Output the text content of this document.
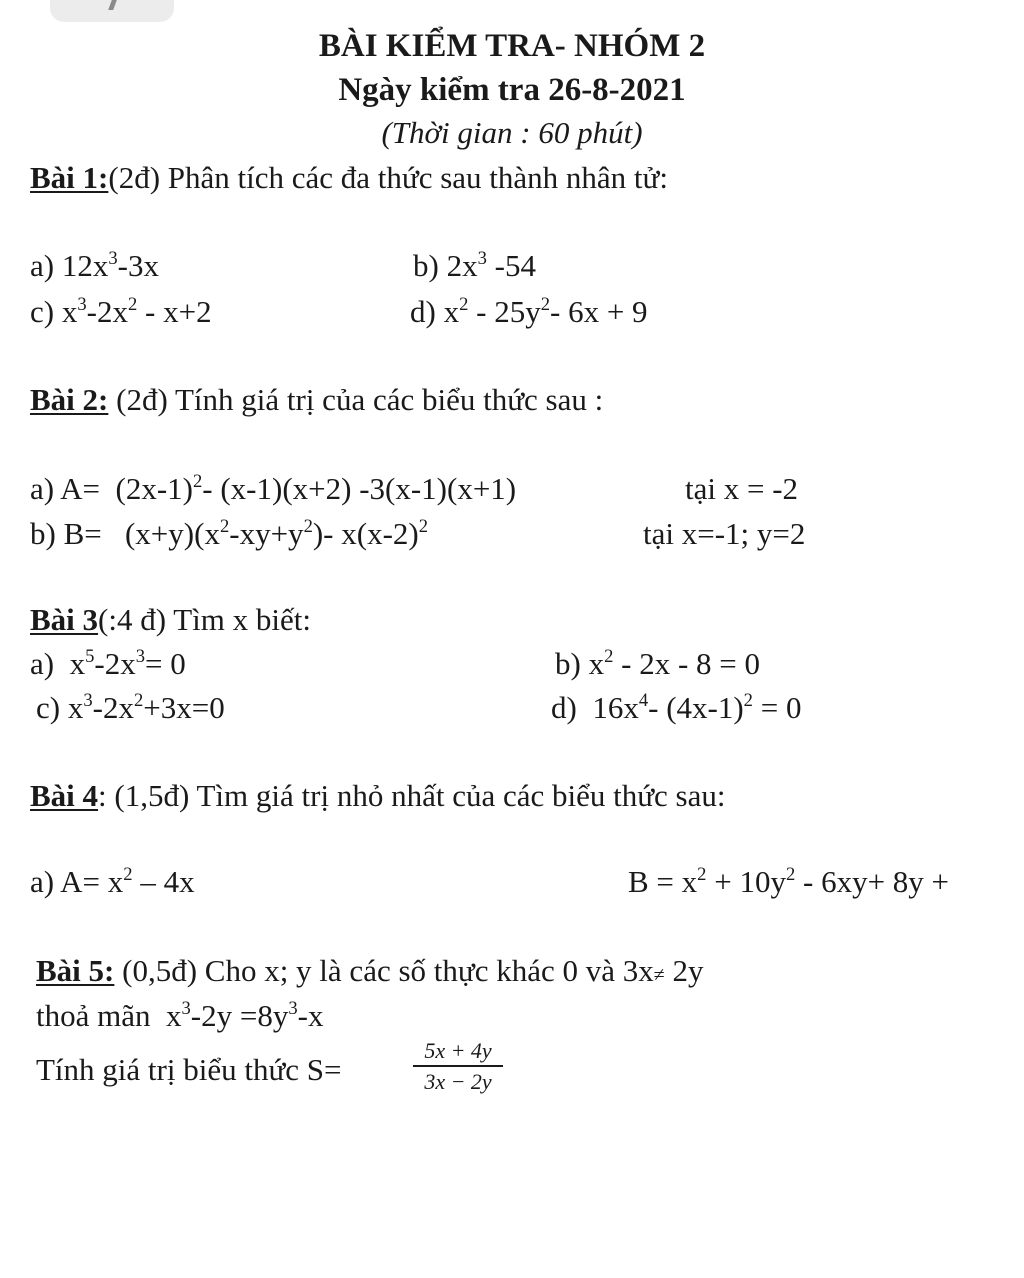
BÀI KIỂM TRA- NHÓM 2
Ngày kiểm tra 26-8-2021
(Thời gian : 60 phút)
Bài 1:(2đ) Phân tích các đa thức sau thành nhân tử:
a) $12x^3-3x$	b) $2x^3$ -54
c) $x^3-2x^2 - x+2$	d) $x^2 - 25y^2-$ 6x + 9
Bài 2: (2đ) Tính giá trị của các biểu thức sau :
a) $A= (2x-1)^2-$ (x-1)(x+2) -3(x-1)(x+1)	tại x = -2
b) $B= (x+y)(x^2-xy+y^2)-$ $x(x-2)^2$	tại x=-1; y=2
Bài 3(:4 đ) Tìm x biết:
a)  $x^5-2x^3= 0$	b) $x^2 - 2x - 8 = 0$
c) $x^3-2x^2+3x=0$	d)  $16x^4-$ $(4x-1)^2 = 0$
Bài 4: (1,5đ) Tìm giá trị nhỏ nhất của các biểu thức sau:
a) $A= x^2 - 4x$	$B = x^2 + 10y^2 - 6xy+ 8y$ +
Bài 5: (0,5đ) Cho x; y là các số thực khác 0 và 3x≠ 2y
thoả mãn  $x^3-2y =8y^3-x$
Tính giá trị biểu thức S=	$\frac{5x + 4y}{3x - 2y}$
